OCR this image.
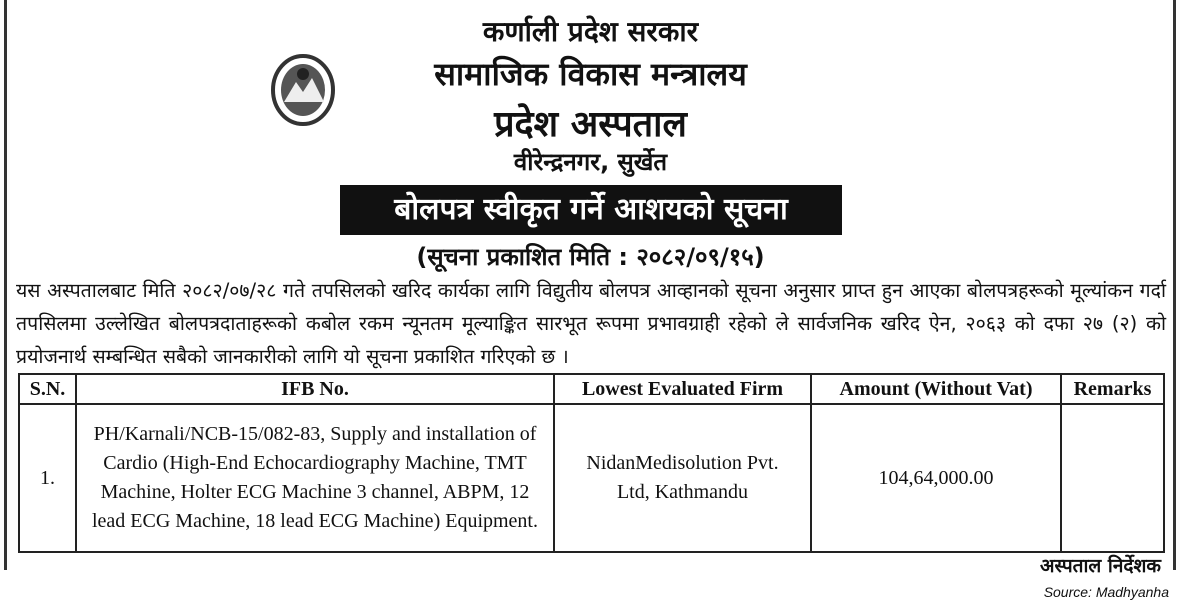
कर्णाली प्रदेश सरकार
सामाजिक विकास मन्त्रालय
प्रदेश अस्पताल
वीरेन्द्रनगर, सुर्खेत
बोलपत्र स्वीकृत गर्ने आशयको सूचना
(सूचना प्रकाशित मिति : २०८२/०९/१५)
यस अस्पतालबाट मिति २०८२/०७/२८ गते तपसिलको खरिद कार्यका लागि विद्युतीय बोलपत्र आव्हानको सूचना अनुसार प्राप्त हुन आएका बोलपत्रहरूको मूल्यांकन गर्दा तपसिलमा उल्लेखित बोलपत्रदाताहरूको कबोल रकम न्यूनतम मूल्याङ्कित सारभूत रूपमा प्रभावग्राही रहेको ले सार्वजनिक खरिद ऐन, २०६३ को दफा २७ (२) को प्रयोजनार्थ सम्बन्धित सबैको जानकारीको लागि यो सूचना प्रकाशित गरिएको छ ।
S.N.	IFB No.	Lowest Evaluated Firm	Amount (Without Vat)	Remarks
1.	PH/Karnali/NCB-15/082-83, Supply and installation of Cardio (High-End Echocardiography Machine, TMT Machine, Holter ECG Machine 3 channel, ABPM, 12 lead ECG Machine, 18 lead ECG Machine) Equipment.	NidanMedisolution Pvt. Ltd, Kathmandu	104,64,000.00	
अस्पताल निर्देशक
Source: Madhyanha
